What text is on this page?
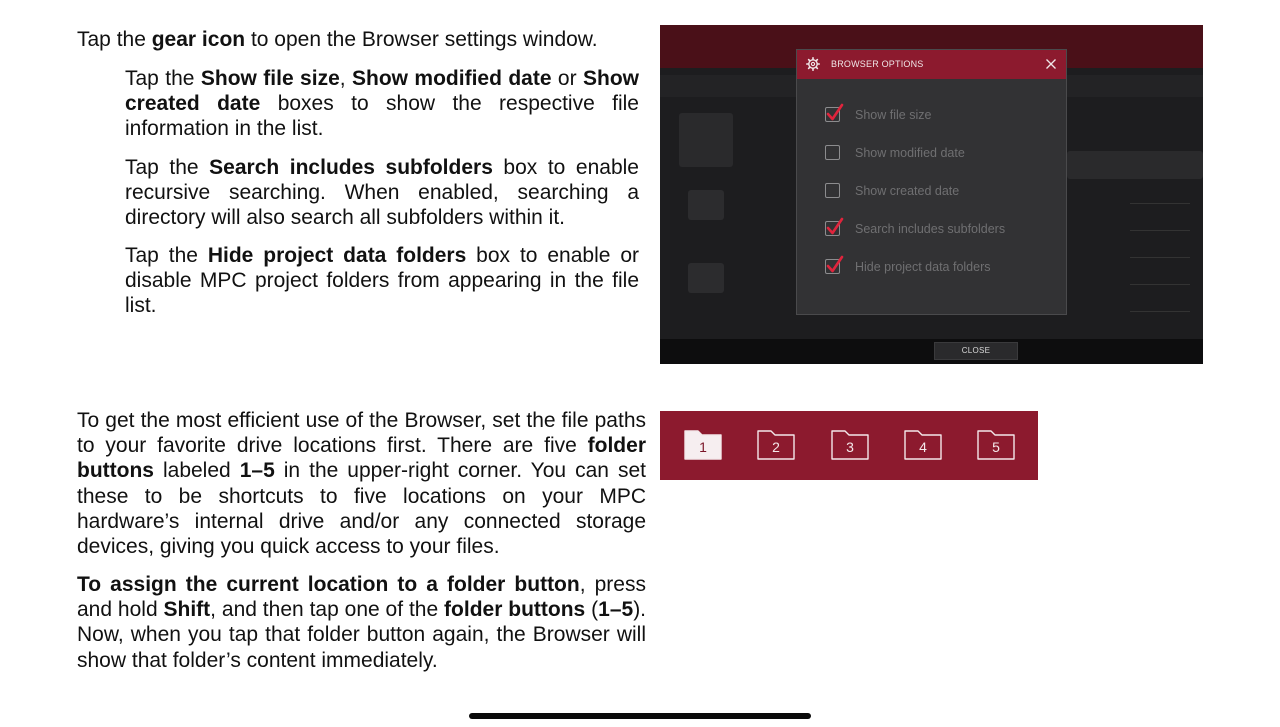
Tap the gear icon to open the Browser settings window.

Tap the Show file size, Show modified date or Show created date boxes to show the respective file information in the list.

Tap the Search includes subfolders box to enable recursive searching. When enabled, searching a directory will also search all subfolders within it.

Tap the Hide project data folders box to enable or disable MPC project folders from appearing in the file list.

To get the most efficient use of the Browser, set the file paths to your favorite drive locations first. There are five folder buttons labeled 1–5 in the upper-right corner. You can set these to be shortcuts to five locations on your MPC hardware’s internal drive and/or any connected storage devices, giving you quick access to your files.

To assign the current location to a folder button, press and hold Shift, and then tap one of the folder buttons (1–5). Now, when you tap that folder button again, the Browser will show that folder’s content immediately.

CLOSE
BROWSER OPTIONS
Show file size
Show modified date
Show created date
Search includes subfolders
Hide project data folders
1	2	3	4	5
